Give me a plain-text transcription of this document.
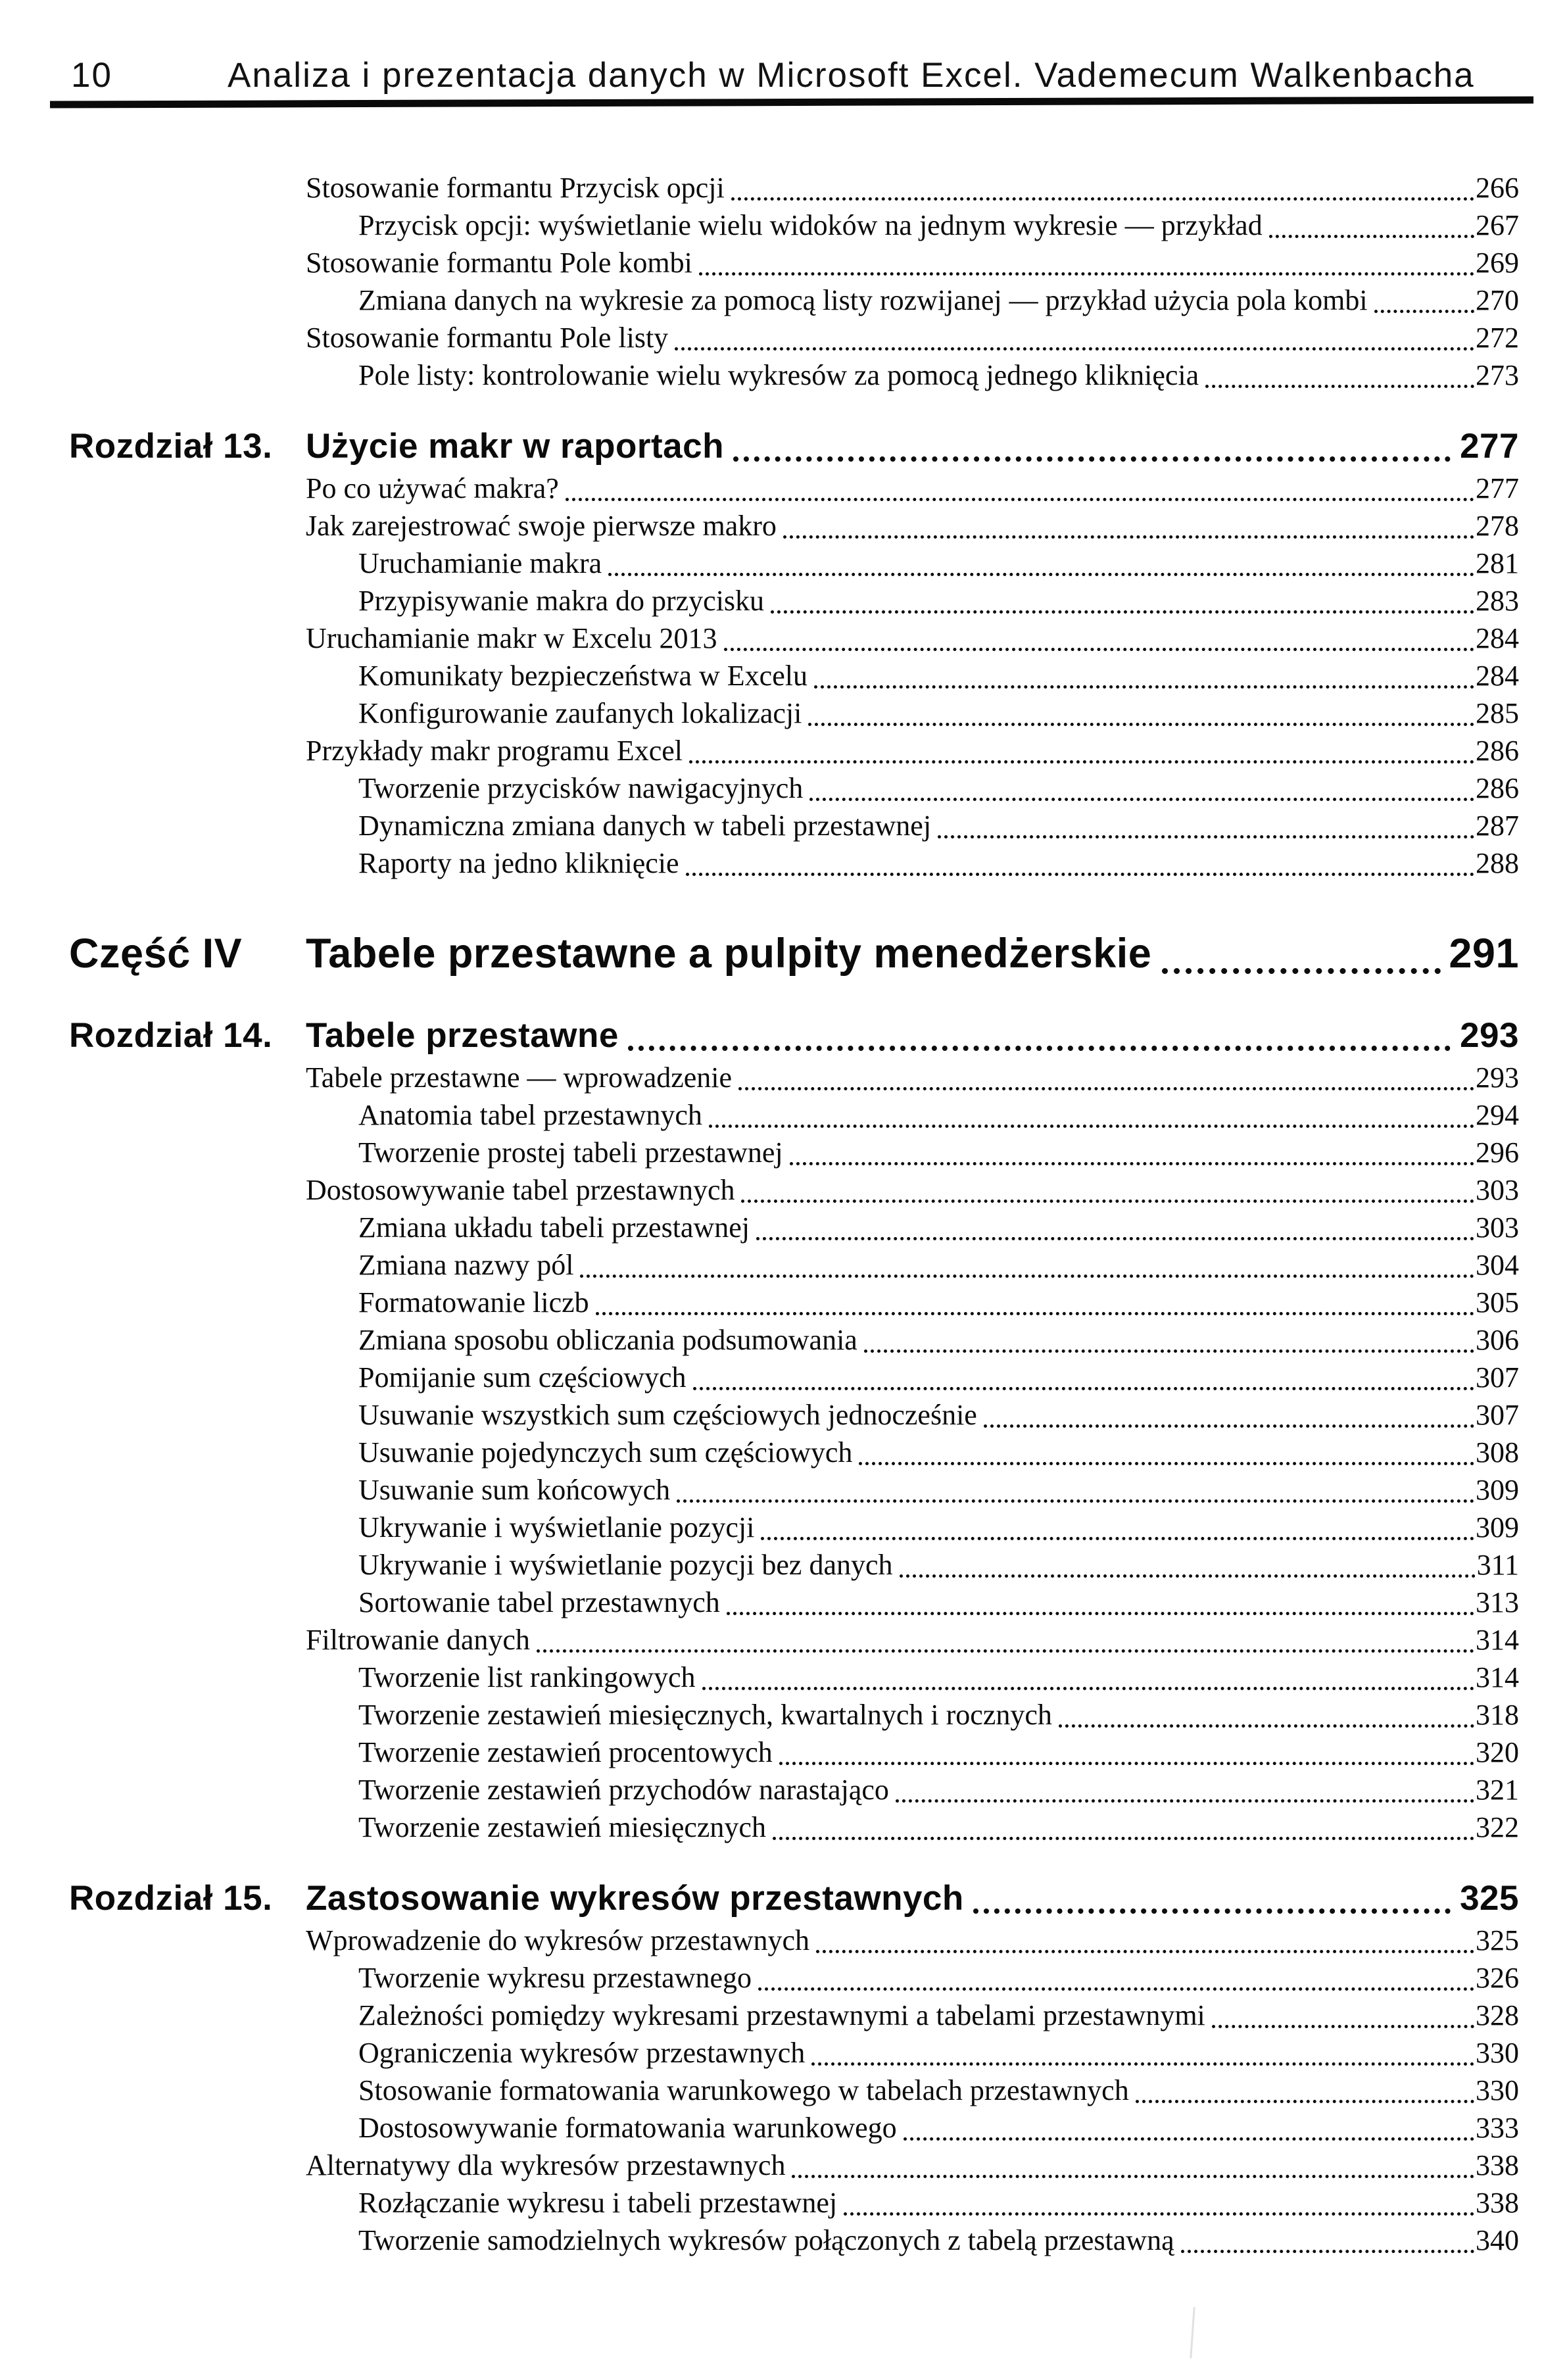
10	Analiza i prezentacja danych w Microsoft Excel. Vademecum Walkenbacha
Stosowanie formantu Przycisk opcji	266
Przycisk opcji: wyświetlanie wielu widoków na jednym wykresie — przykład	267
Stosowanie formantu Pole kombi	269
Zmiana danych na wykresie za pomocą listy rozwijanej — przykład użycia pola kombi	270
Stosowanie formantu Pole listy	272
Pole listy: kontrolowanie wielu wykresów za pomocą jednego kliknięcia	273
Rozdział 13. Użycie makr w raportach	277
Po co używać makra?	277
Jak zarejestrować swoje pierwsze makro	278
Uruchamianie makra	281
Przypisywanie makra do przycisku	283
Uruchamianie makr w Excelu 2013	284
Komunikaty bezpieczeństwa w Excelu	284
Konfigurowanie zaufanych lokalizacji	285
Przykłady makr programu Excel	286
Tworzenie przycisków nawigacyjnych	286
Dynamiczna zmiana danych w tabeli przestawnej	287
Raporty na jedno kliknięcie	288
Część IV	Tabele przestawne a pulpity menedżerskie	291
Rozdział 14. Tabele przestawne	293
Tabele przestawne — wprowadzenie	293
Anatomia tabel przestawnych	294
Tworzenie prostej tabeli przestawnej	296
Dostosowywanie tabel przestawnych	303
Zmiana układu tabeli przestawnej	303
Zmiana nazwy pól	304
Formatowanie liczb	305
Zmiana sposobu obliczania podsumowania	306
Pomijanie sum częściowych	307
Usuwanie wszystkich sum częściowych jednocześnie	307
Usuwanie pojedynczych sum częściowych	308
Usuwanie sum końcowych	309
Ukrywanie i wyświetlanie pozycji	309
Ukrywanie i wyświetlanie pozycji bez danych	311
Sortowanie tabel przestawnych	313
Filtrowanie danych	314
Tworzenie list rankingowych	314
Tworzenie zestawień miesięcznych, kwartalnych i rocznych	318
Tworzenie zestawień procentowych	320
Tworzenie zestawień przychodów narastająco	321
Tworzenie zestawień miesięcznych	322
Rozdział 15. Zastosowanie wykresów przestawnych	325
Wprowadzenie do wykresów przestawnych	325
Tworzenie wykresu przestawnego	326
Zależności pomiędzy wykresami przestawnymi a tabelami przestawnymi	328
Ograniczenia wykresów przestawnych	330
Stosowanie formatowania warunkowego w tabelach przestawnych	330
Dostosowywanie formatowania warunkowego	333
Alternatywy dla wykresów przestawnych	338
Rozłączanie wykresu i tabeli przestawnej	338
Tworzenie samodzielnych wykresów połączonych z tabelą przestawną	340
